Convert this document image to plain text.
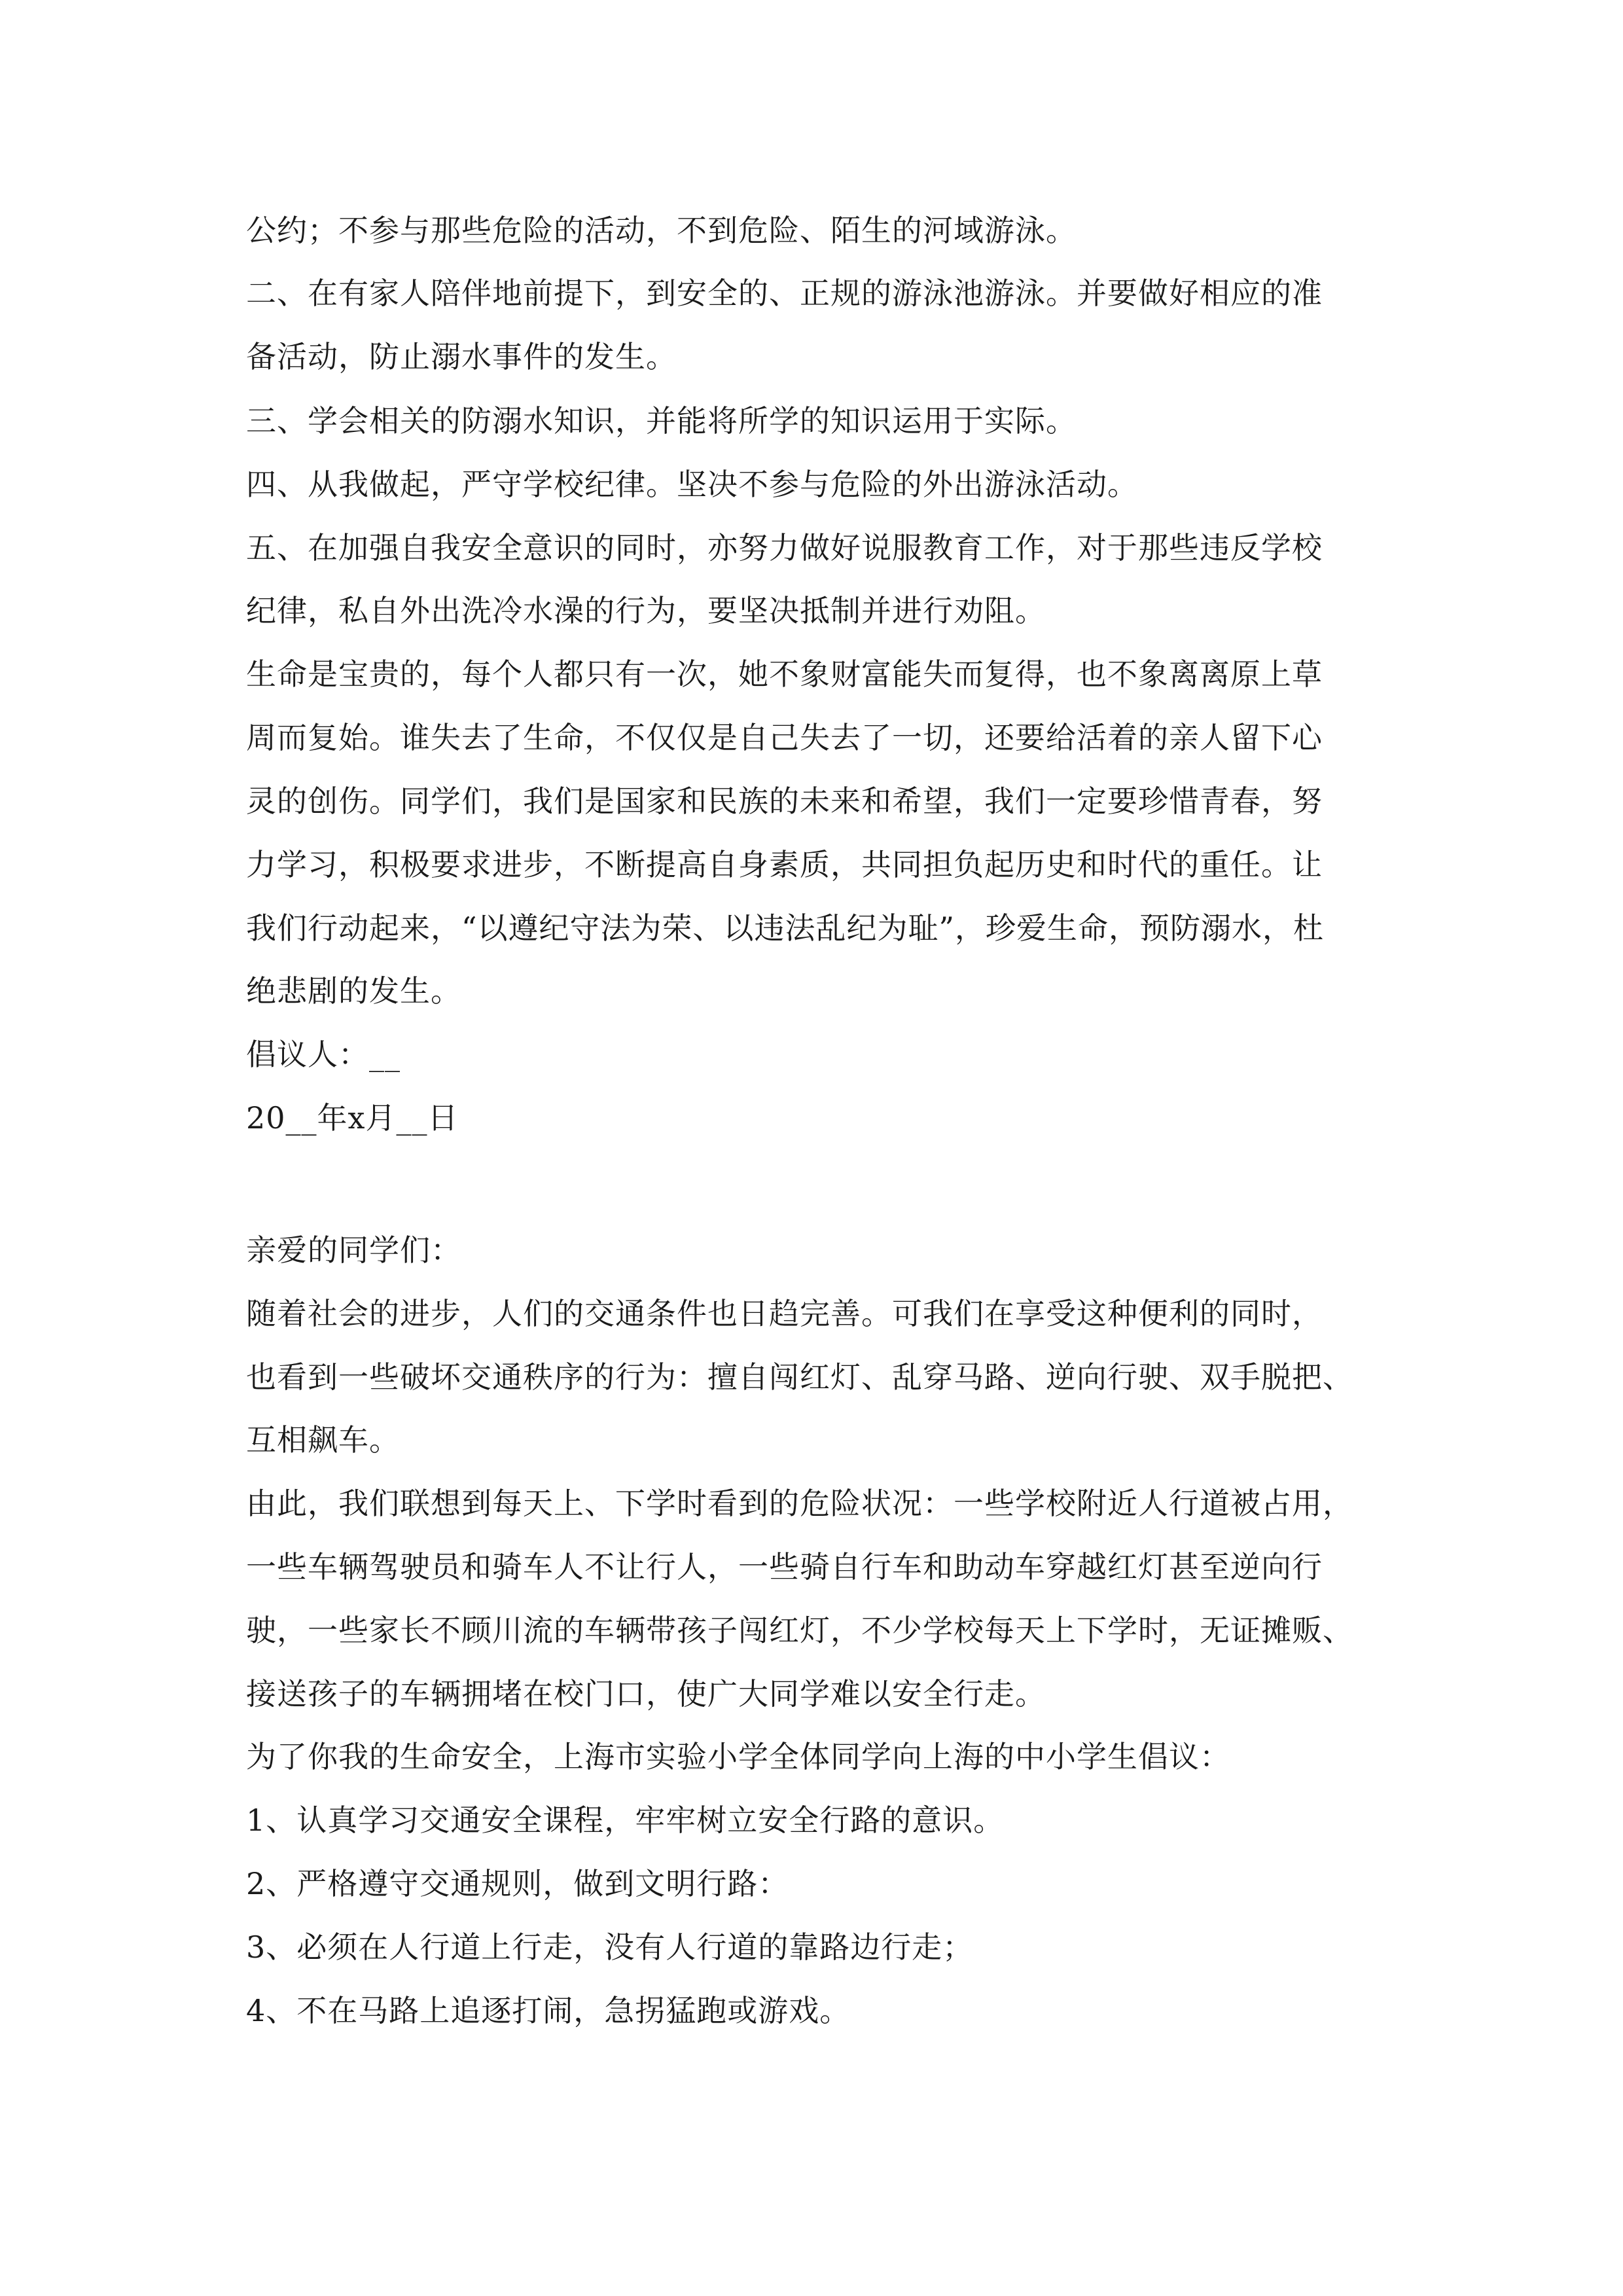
公约；不参与那些危险的活动，不到危险、陌生的河域游泳。
二、在有家人陪伴地前提下，到安全的、正规的游泳池游泳。并要做好相应的准
备活动，防止溺水事件的发生。
三、学会相关的防溺水知识，并能将所学的知识运用于实际。
四、从我做起，严守学校纪律。坚决不参与危险的外出游泳活动。
五、在加强自我安全意识的同时，亦努力做好说服教育工作，对于那些违反学校
纪律，私自外出洗冷水澡的行为，要坚决抵制并进行劝阻。
生命是宝贵的，每个人都只有一次，她不象财富能失而复得，也不象离离原上草
周而复始。谁失去了生命，不仅仅是自己失去了一切，还要给活着的亲人留下心
灵的创伤。同学们，我们是国家和民族的未来和希望，我们一定要珍惜青春，努
力学习，积极要求进步，不断提高自身素质，共同担负起历史和时代的重任。让
我们行动起来，“以遵纪守法为荣、以违法乱纪为耻”，珍爱生命，预防溺水，杜
绝悲剧的发生。
倡议人：__
20__年x月__日
亲爱的同学们：
随着社会的进步，人们的交通条件也日趋完善。可我们在享受这种便利的同时，
也看到一些破坏交通秩序的行为：擅自闯红灯、乱穿马路、逆向行驶、双手脱把、
互相飙车。
由此，我们联想到每天上、下学时看到的危险状况：一些学校附近人行道被占用，
一些车辆驾驶员和骑车人不让行人，一些骑自行车和助动车穿越红灯甚至逆向行
驶，一些家长不顾川流的车辆带孩子闯红灯，不少学校每天上下学时，无证摊贩、
接送孩子的车辆拥堵在校门口，使广大同学难以安全行走。
为了你我的生命安全，上海市实验小学全体同学向上海的中小学生倡议：
1、认真学习交通安全课程，牢牢树立安全行路的意识。
2、严格遵守交通规则，做到文明行路：
3、必须在人行道上行走，没有人行道的靠路边行走；
4、不在马路上追逐打闹，急拐猛跑或游戏。
